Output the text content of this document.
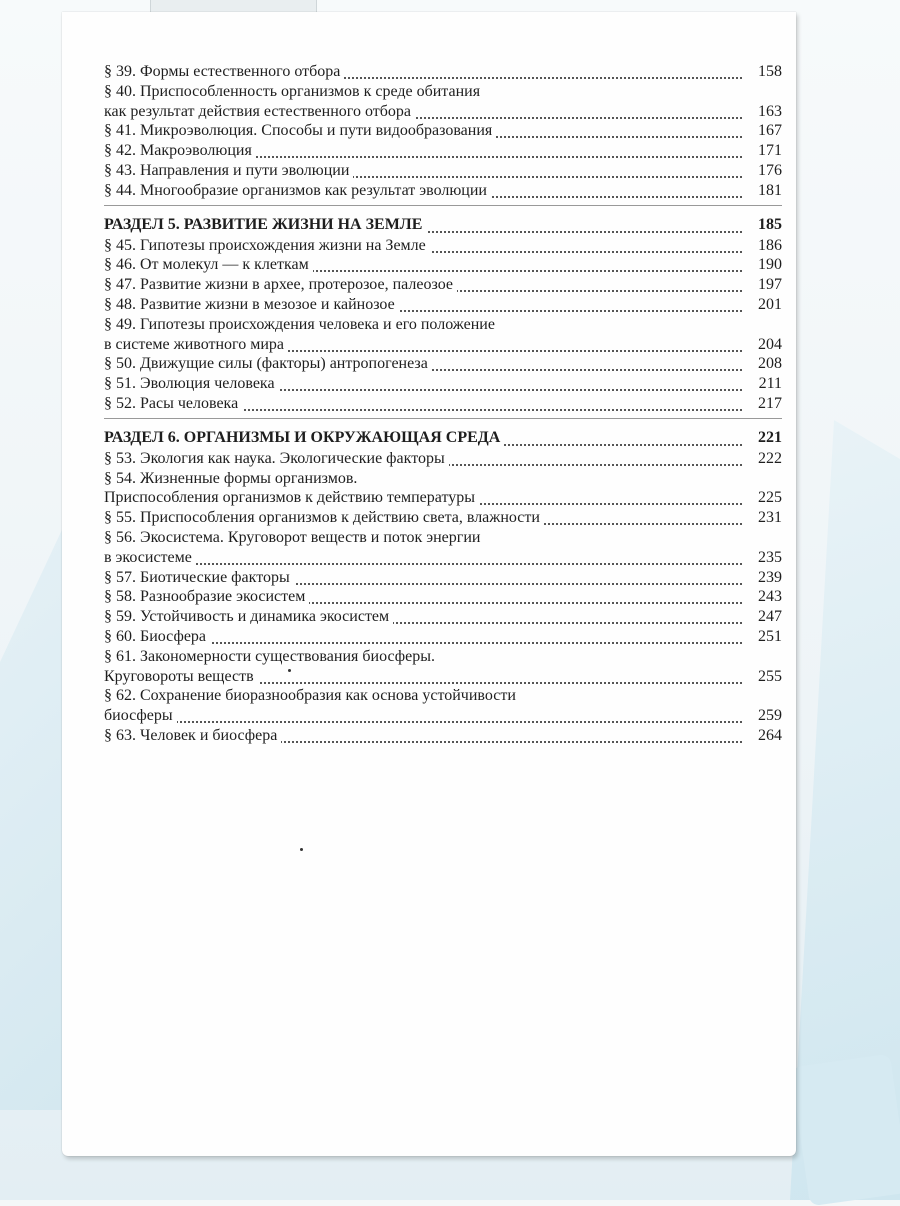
§ 39. Формы естественного отбора	158
§ 40. Приспособленность организмов к среде обитания
как результат действия естественного отбора	163
§ 41. Микроэволюция. Способы и пути видообразования	167
§ 42. Макроэволюция	171
§ 43. Направления и пути эволюции	176
§ 44. Многообразие организмов как результат эволюции	181
РАЗДЕЛ 5. РАЗВИТИЕ ЖИЗНИ НА ЗЕМЛЕ	185
§ 45. Гипотезы происхождения жизни на Земле	186
§ 46. От молекул — к клеткам	190
§ 47. Развитие жизни в архее, протерозое, палеозое	197
§ 48. Развитие жизни в мезозое и кайнозое	201
§ 49. Гипотезы происхождения человека и его положение
в системе животного мира	204
§ 50. Движущие силы (факторы) антропогенеза	208
§ 51. Эволюция человека	211
§ 52. Расы человека	217
РАЗДЕЛ 6. ОРГАНИЗМЫ И ОКРУЖАЮЩАЯ СРЕДА	221
§ 53. Экология как наука. Экологические факторы	222
§ 54. Жизненные формы организмов.
Приспособления организмов к действию температуры	225
§ 55. Приспособления организмов к действию света, влажности	231
§ 56. Экосистема. Круговорот веществ и поток энергии
в экосистеме	235
§ 57. Биотические факторы	239
§ 58. Разнообразие экосистем	243
§ 59. Устойчивость и динамика экосистем	247
§ 60. Биосфера	251
§ 61. Закономерности существования биосферы.
Круговороты веществ	255
§ 62. Сохранение биоразнообразия как основа устойчивости
биосферы	259
§ 63. Человек и биосфера	264
